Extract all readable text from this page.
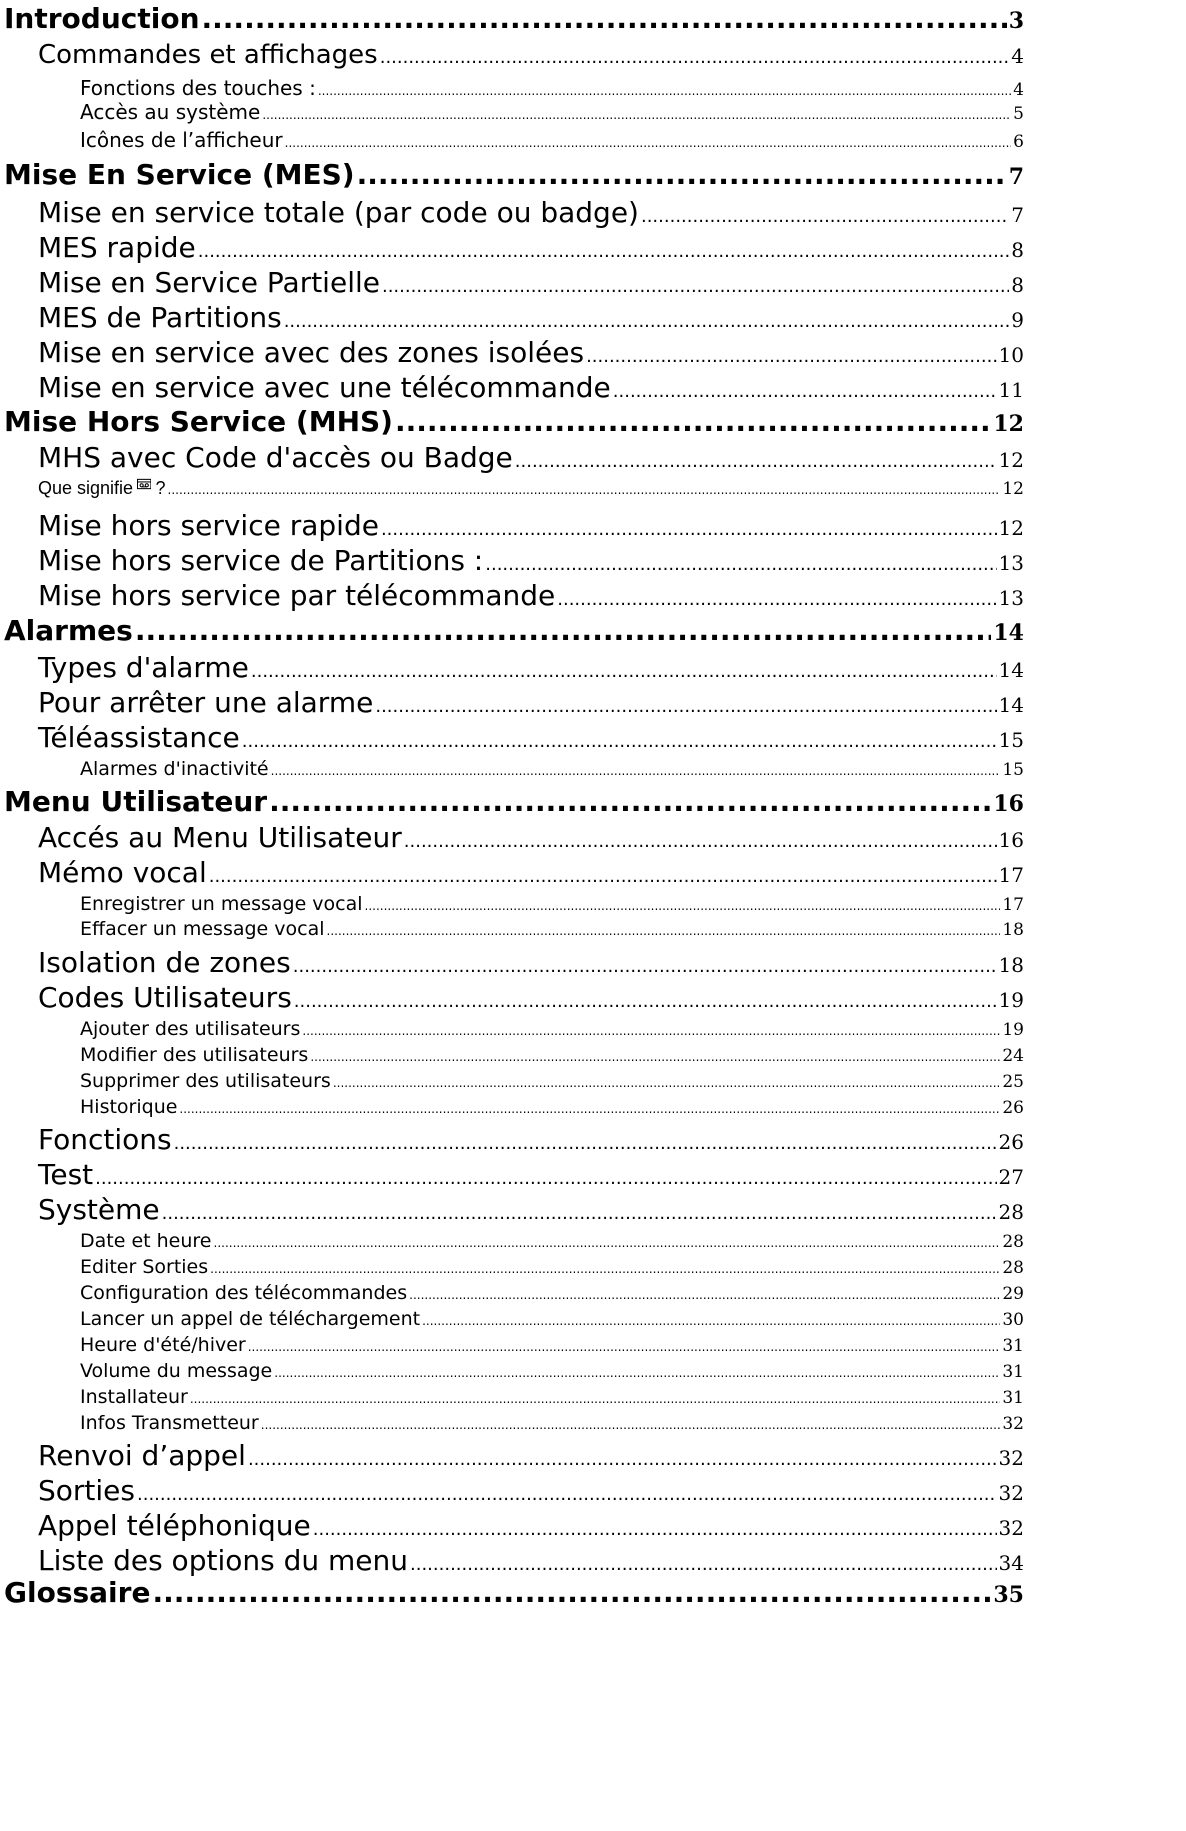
Introduction .....	3
Commandes et affichages .....	4
Fonctions des touches : .....	4
Accès au système .....	5
Icônes de l’afficheur .....	6
Mise En Service (MES) .....	7
Mise en service totale (par code ou badge) .....	7
MES rapide .....	8
Mise en Service Partielle .....	8
MES de Partitions .....	9
Mise en service avec des zones isolées .....	10
Mise en service avec une télécommande .....	11
Mise Hors Service (MHS) .....	12
MHS avec Code d'accès ou Badge .....	12
Que signifie ? .....	12
Mise hors service rapide .....	12
Mise hors service de Partitions : .....	13
Mise hors service par télécommande .....	13
Alarmes .....	14
Types d'alarme .....	14
Pour arrêter une alarme .....	14
Téléassistance .....	15
Alarmes d'inactivité .....	15
Menu Utilisateur .....	16
Accés au Menu Utilisateur .....	16
Mémo vocal .....	17
Enregistrer un message vocal .....	17
Effacer un message vocal .....	18
Isolation de zones .....	18
Codes Utilisateurs .....	19
Ajouter des utilisateurs .....	19
Modifier des utilisateurs .....	24
Supprimer des utilisateurs .....	25
Historique .....	26
Fonctions .....	26
Test .....	27
Système .....	28
Date et heure .....	28
Editer Sorties .....	28
Configuration des télécommandes .....	29
Lancer un appel de téléchargement .....	30
Heure d'été/hiver .....	31
Volume du message .....	31
Installateur .....	31
Infos Transmetteur .....	32
Renvoi d’appel .....	32
Sorties .....	32
Appel téléphonique .....	32
Liste des options du menu .....	34
Glossaire .....	35
